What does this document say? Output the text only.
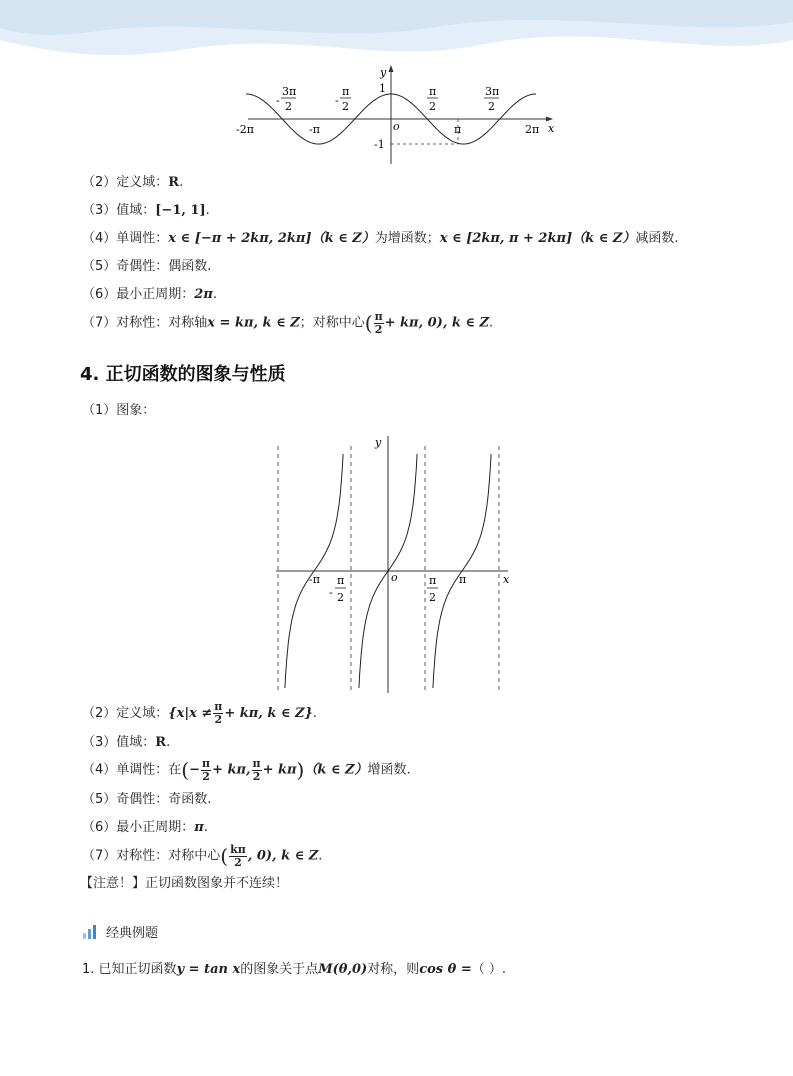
y
x
o
1
-1
-2π	-π	π	2π
-
3π
2	-
π
2
π
2
3π
2
（2）定义域：R.
（3）值域：[−1, 1].
（4）单调性：x ∈ [−π + 2kπ, 2kπ]（k ∈ Z）为增函数；x ∈ [2kπ, π + 2kπ]（k ∈ Z）减函数.
（5）奇偶性：偶函数.
（6）最小正周期：2π.
（7）对称性：对称轴x = kπ, k ∈ Z；对称中心( $\frac{\pi}{2} + k\pi$, 0), k ∈ Z.
4. 正切函数的图象与性质
（1）图象：
y
x
o
-π	π
-
π
2
π
2
（2）定义域：{$x|x \ne \frac{\pi}{2} + k\pi$, k ∈ Z}.
（3）值域：R.
（4）单调性：在(− $\frac{\pi}{2} + k\pi$, $\frac{\pi}{2} + k\pi)(k$ ∈ Z）增函数.
（5）奇偶性：奇函数.
（6）最小正周期：π.
（7）对称性：对称中心( $\frac{k\pi}{2}$ , 0), k ∈ Z.
【注意！】正切函数图象并不连续！
经典例题
1. 已知正切函数y = tan x的图象关于点M(θ,0)对称，则cos θ =（ ）.
